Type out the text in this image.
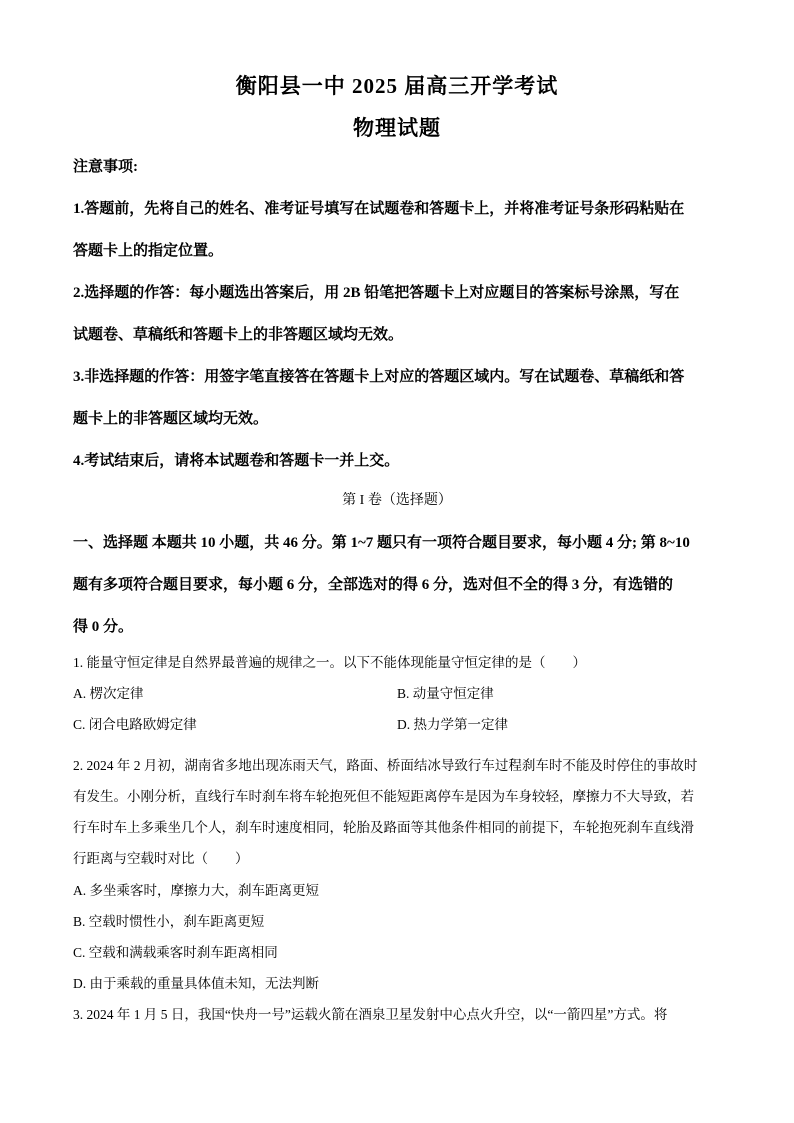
衡阳县一中 2025 届高三开学考试
物理试题
注意事项:
1.答题前，先将自己的姓名、准考证号填写在试题卷和答题卡上，并将准考证号条形码粘贴在
答题卡上的指定位置。
2.选择题的作答：每小题选出答案后，用 2B 铅笔把答题卡上对应题目的答案标号涂黑，写在
试题卷、草稿纸和答题卡上的非答题区域均无效。
3.非选择题的作答：用签字笔直接答在答题卡上对应的答题区域内。写在试题卷、草稿纸和答
题卡上的非答题区域均无效。
4.考试结束后，请将本试题卷和答题卡一并上交。
第 I 卷（选择题）
一、选择题 本题共 10 小题，共 46 分。第 1~7 题只有一项符合题目要求，每小题 4 分; 第 8~10
题有多项符合题目要求，每小题 6 分，全部选对的得 6 分，选对但不全的得 3 分，有选错的
得 0 分。
1. 能量守恒定律是自然界最普遍的规律之一。以下不能体现能量守恒定律的是（　　）
A. 楞次定律	B. 动量守恒定律
C. 闭合电路欧姆定律	D. 热力学第一定律
2. 2024 年 2 月初，湖南省多地出现冻雨天气，路面、桥面结冰导致行车过程刹车时不能及时停住的事故时
有发生。小刚分析，直线行车时刹车将车轮抱死但不能短距离停车是因为车身较轻，摩擦力不大导致，若
行车时车上多乘坐几个人，刹车时速度相同，轮胎及路面等其他条件相同的前提下，车轮抱死刹车直线滑
行距离与空载时对比（　　）
A. 多坐乘客时，摩擦力大，刹车距离更短
B. 空载时惯性小，刹车距离更短
C. 空载和满载乘客时刹车距离相同
D. 由于乘载的重量具体值未知，无法判断
3. 2024 年 1 月 5 日，我国“快舟一号”运载火箭在酒泉卫星发射中心点火升空，以“一箭四星”方式。将
